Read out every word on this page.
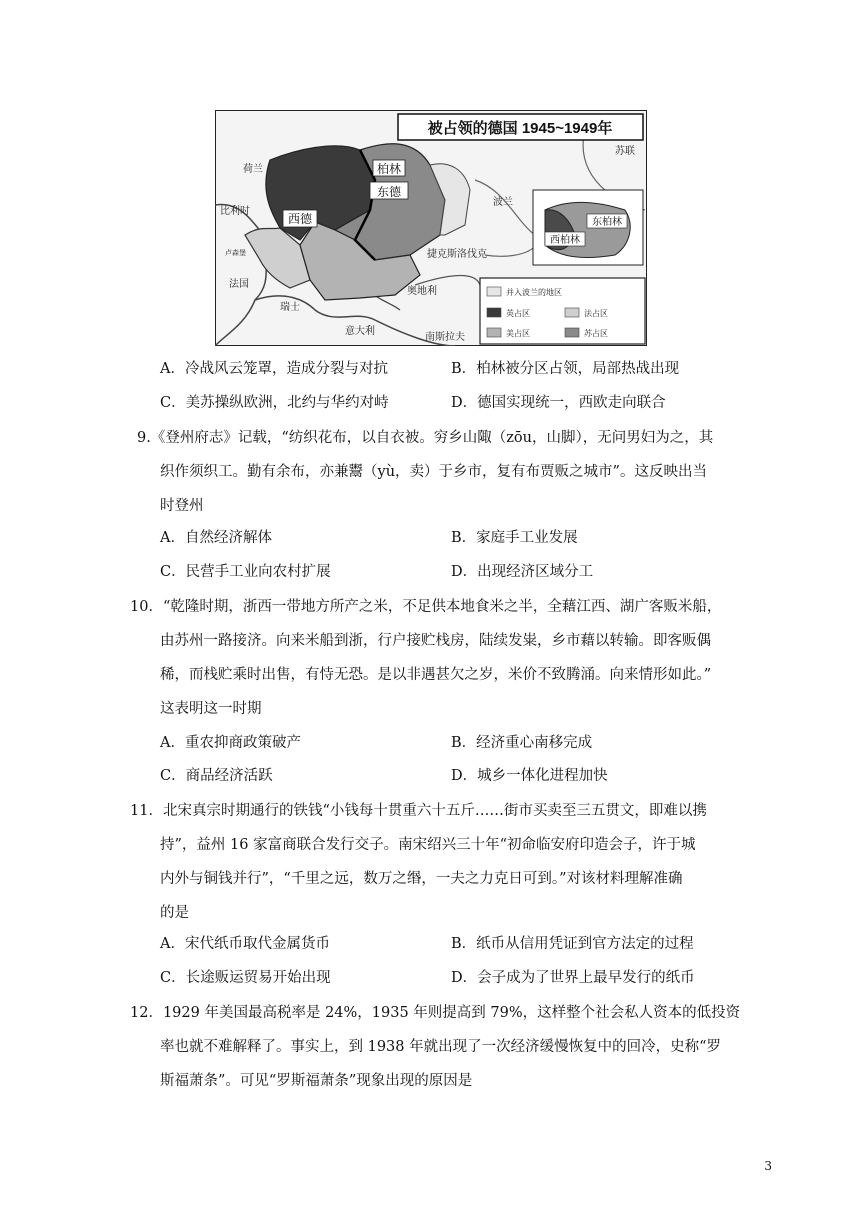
被占领的德国 1945~1949年
苏联
荷兰
比利时
卢森堡
法国
瑞士
意大利
奥地利
南斯拉夫
捷克斯洛伐克
波兰
柏林
东德
西德	东柏林
西柏林
并入波兰的地区
英占区	法占区
美占区	苏占区
A．冷战风云笼罩，造成分裂与对抗	B．柏林被分区占领，局部热战出现
C．美苏操纵欧洲，北约与华约对峙	D．德国实现统一，西欧走向联合
9.《登州府志》记载，“纺织花布，以自衣被。穷乡山陬（zōu，山脚），无问男妇为之，其
织作须织工。勤有余布，亦兼鬻（yù，卖）于乡市，复有布贾贩之城市”。这反映出当
时登州
A．自然经济解体	B．家庭手工业发展
C．民营手工业向农村扩展	D．出现经济区域分工
10．“乾隆时期，浙西一带地方所产之米，不足供本地食米之半，全藉江西、湖广客贩米船，
由苏州一路接济。向来米船到浙，行户接贮栈房，陆续发粜，乡市藉以转输。即客贩偶
稀，而栈贮乘时出售，有恃无恐。是以非遇甚欠之岁，米价不致腾涌。向来情形如此。”
这表明这一时期
A．重农抑商政策破产	B．经济重心南移完成
C．商品经济活跃	D．城乡一体化进程加快
11．北宋真宗时期通行的铁钱“小钱每十贯重六十五斤……街市买卖至三五贯文，即难以携
持”，益州 16 家富商联合发行交子。南宋绍兴三十年“初命临安府印造会子，许于城
内外与铜钱并行”，“千里之远，数万之缗，一夫之力克日可到。”对该材料理解准确
的是
A．宋代纸币取代金属货币	B．纸币从信用凭证到官方法定的过程
C．长途贩运贸易开始出现	D．会子成为了世界上最早发行的纸币
12．1929 年美国最高税率是 24%，1935 年则提高到 79%，这样整个社会私人资本的低投资
率也就不难解释了。事实上，到 1938 年就出现了一次经济缓慢恢复中的回冷，史称“罗
斯福萧条”。可见“罗斯福萧条”现象出现的原因是
3
